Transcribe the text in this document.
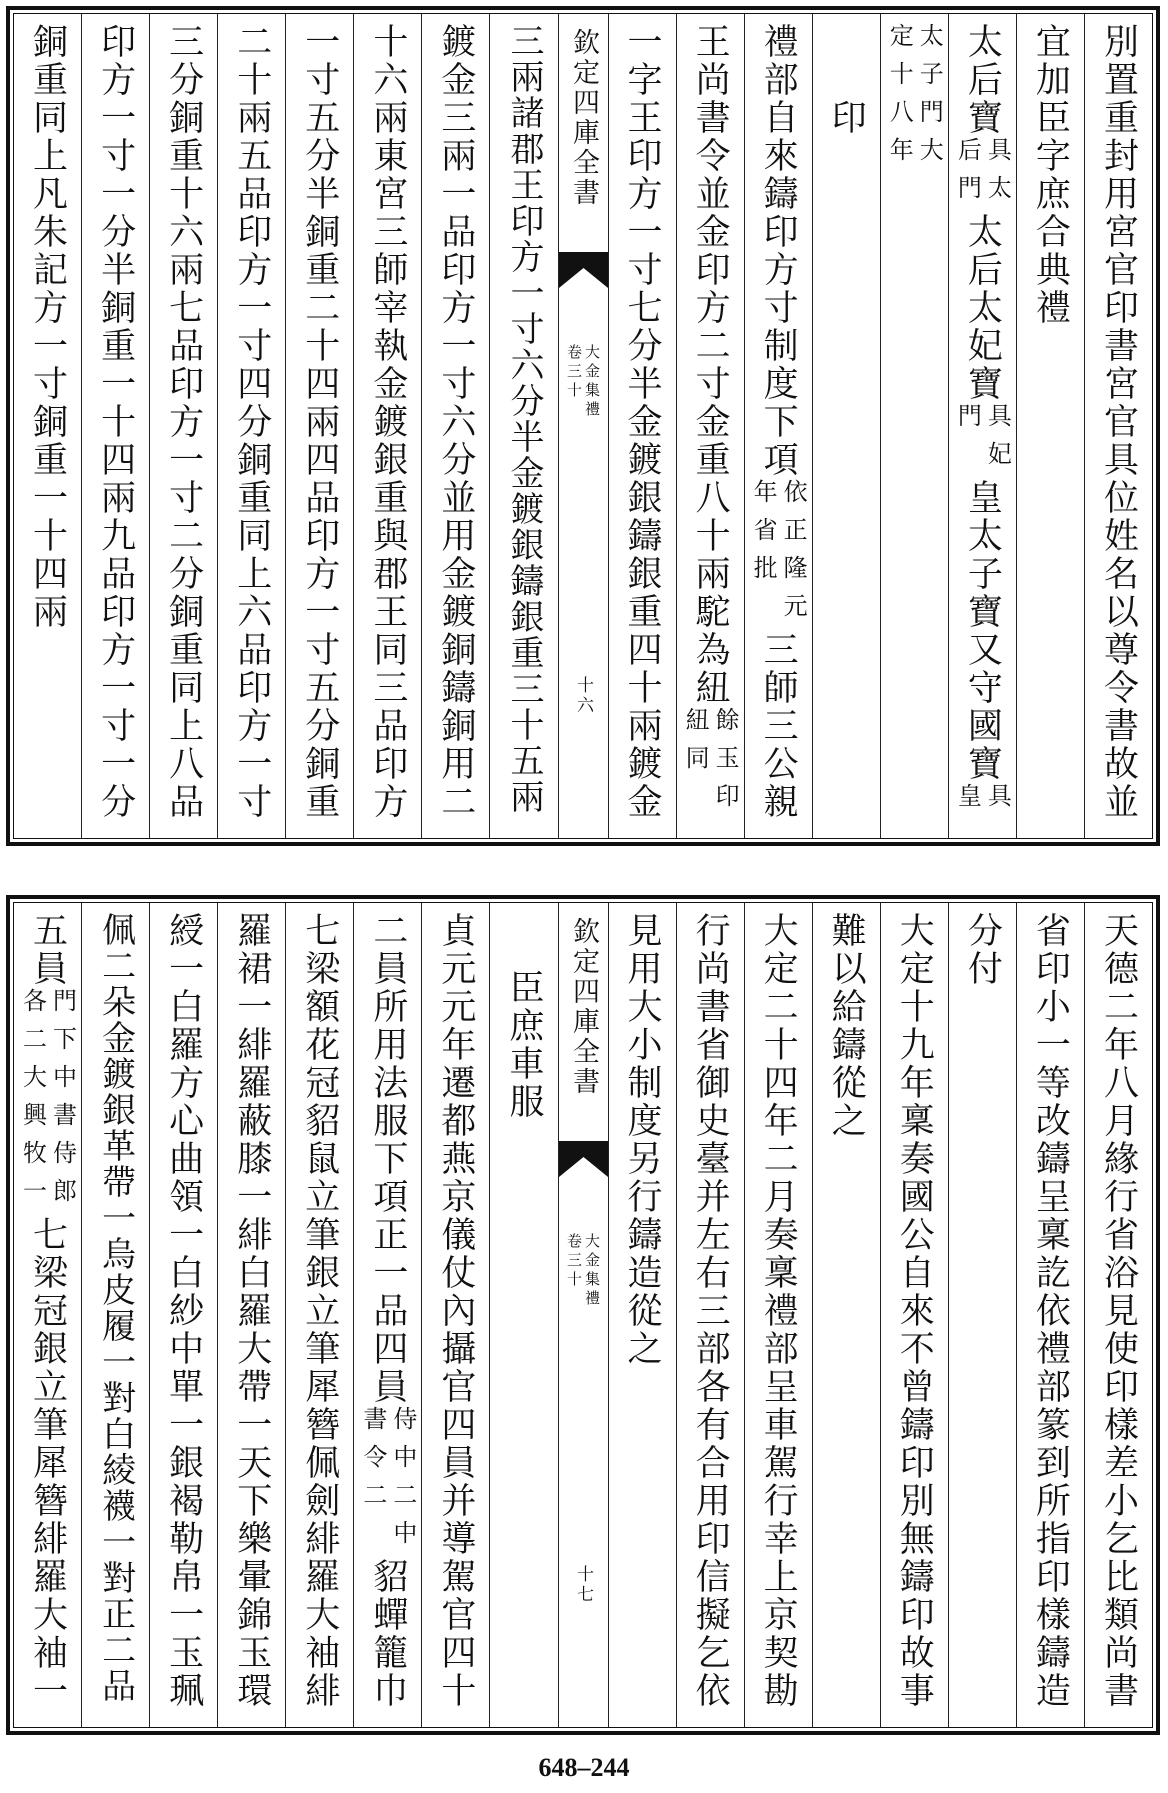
別置重封用宮官印書宮官具位姓名以尊令書故並
宜加臣字庶合典禮
太后寶
具太
后門
太后太妃寶
具妃
門
皇太子寶又守國寶
具
皇
太子門大
定十八年
印
禮部自來鑄印方寸制度下項
依正隆元
年省批
三師三公親
王尚書令並金印方二寸金重八十兩駝為紐
餘玉印
紐同
一字王印方一寸七分半金鍍銀鑄銀重四十兩鍍金
欽定四庫全書
大金集禮
卷三十
十六
三兩諸郡王印方一寸六分半金鍍銀鑄銀重三十五兩
鍍金三兩一品印方一寸六分並用金鍍銅鑄銅用二
十六兩東宮三師宰執金鍍銀重與郡王同三品印方
一寸五分半銅重二十四兩四品印方一寸五分銅重
二十兩五品印方一寸四分銅重同上六品印方一寸
三分銅重十六兩七品印方一寸二分銅重同上八品
印方一寸一分半銅重一十四兩九品印方一寸一分
銅重同上凡朱記方一寸銅重一十四兩
天德二年八月緣行省浴見使印樣差小乞比類尚書
省印小一等改鑄呈稟訖依禮部篆到所指印樣鑄造
分付
大定十九年稟奏國公自來不曾鑄印別無鑄印故事
難以給鑄從之
大定二十四年二月奏稟禮部呈車駕行幸上京契勘
行尚書省御史臺并左右三部各有合用印信擬乞依
見用大小制度另行鑄造從之
欽定四庫全書
大金集禮
卷三十
十七
臣庶車服
貞元元年遷都燕京儀仗內攝官四員并導駕官四十
二員所用法服下項正一品四員
侍中二中
書令二
貂蟬籠巾
七梁額花冠貂鼠立筆銀立筆犀簪佩劍緋羅大袖緋
羅裙一緋羅蔽膝一緋白羅大帶一天下樂暈錦玉環
綬一白羅方心曲領一白紗中單一銀褐勒帛一玉珮
佩二朵金鍍銀革帶一烏皮履一對白綾襪一對正二品
五員
門下中書侍郎
各二大興牧一
七梁冠銀立筆犀簪緋羅大袖一
648–244
